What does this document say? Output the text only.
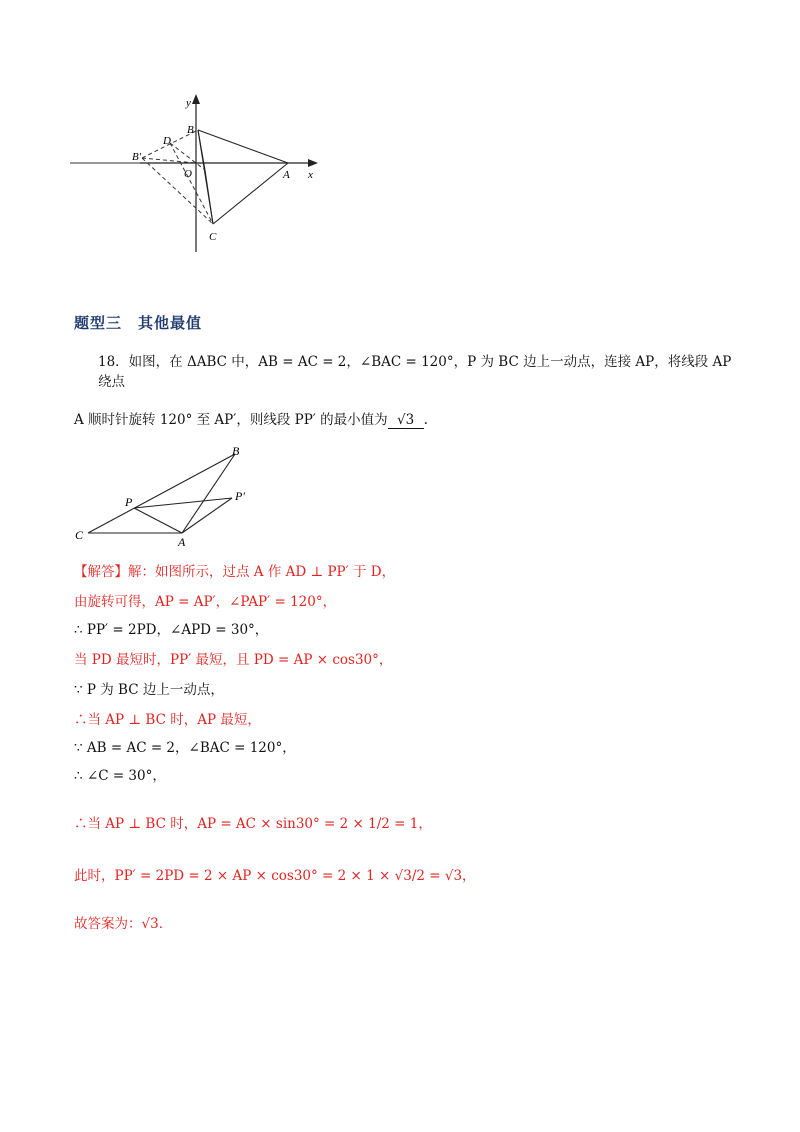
y
B
D
B′
O	A x
C
题型三　其他最值
18．如图，在 ΔABC 中，AB = AC = 2，∠BAC = 120°，P 为 BC 边上一动点，连接 AP，将线段 AP 绕点
A 顺时针旋转 120° 至 AP′，则线段 PP′ 的最小值为 √3 .
B
P	P′
C	A
【解答】解：如图所示，过点 A 作 AD ⊥ PP′ 于 D，
由旋转可得，AP = AP′，∠PAP′ = 120°，
∴ PP′ = 2PD，∠APD = 30°，
当 PD 最短时，PP′ 最短，且 PD = AP × cos30°，
∵ P 为 BC 边上一动点，
∴当 AP ⊥ BC 时，AP 最短，
∵ AB = AC = 2，∠BAC = 120°，
∴ ∠C = 30°，
∴当 AP ⊥ BC 时，AP = AC × sin30° = 2 × 1/2 = 1，
此时，PP′ = 2PD = 2 × AP × cos30° = 2 × 1 × √3/2 = √3，
故答案为：√3．
